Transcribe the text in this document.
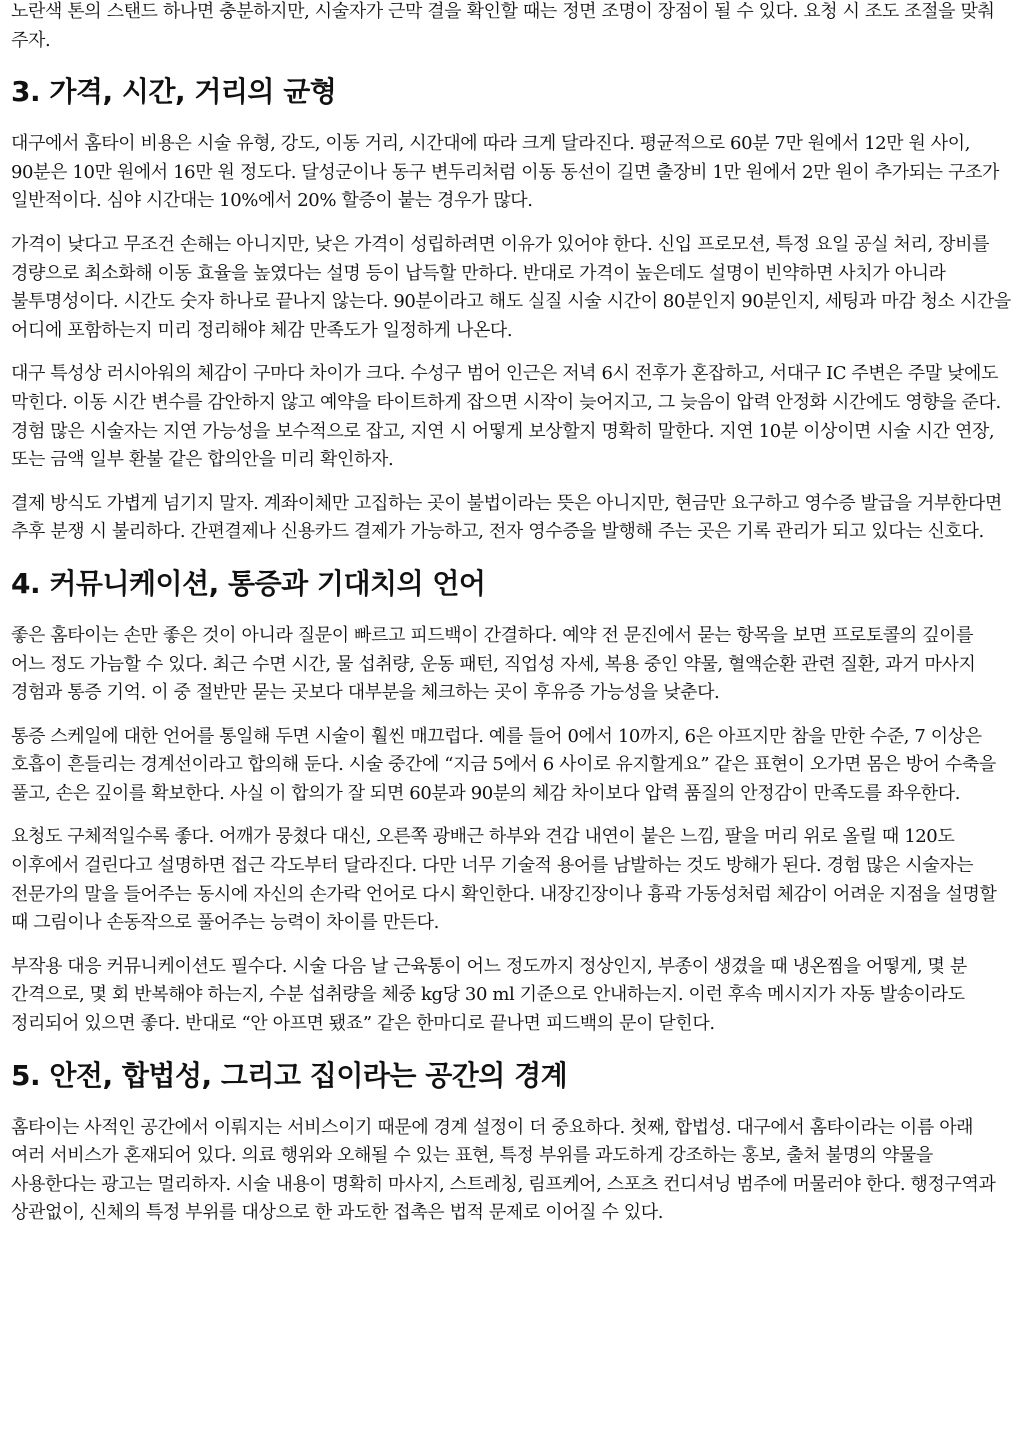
노란색 톤의 스탠드 하나면 충분하지만, 시술자가 근막 결을 확인할 때는 정면 조명이 장점이 될 수 있다. 요청 시 조도 조절을 맞춰 주자.

3. 가격, 시간, 거리의 균형

대구에서 홈타이 비용은 시술 유형, 강도, 이동 거리, 시간대에 따라 크게 달라진다. 평균적으로 60분 7만 원에서 12만 원 사이, 90분은 10만 원에서 16만 원 정도다. 달성군이나 동구 변두리처럼 이동 동선이 길면 출장비 1만 원에서 2만 원이 추가되는 구조가 일반적이다. 심야 시간대는 10%에서 20% 할증이 붙는 경우가 많다.

가격이 낮다고 무조건 손해는 아니지만, 낮은 가격이 성립하려면 이유가 있어야 한다. 신입 프로모션, 특정 요일 공실 처리, 장비를 경량으로 최소화해 이동 효율을 높였다는 설명 등이 납득할 만하다. 반대로 가격이 높은데도 설명이 빈약하면 사치가 아니라 불투명성이다. 시간도 숫자 하나로 끝나지 않는다. 90분이라고 해도 실질 시술 시간이 80분인지 90분인지, 세팅과 마감 청소 시간을 어디에 포함하는지 미리 정리해야 체감 만족도가 일정하게 나온다.

대구 특성상 러시아워의 체감이 구마다 차이가 크다. 수성구 범어 인근은 저녁 6시 전후가 혼잡하고, 서대구 IC 주변은 주말 낮에도 막힌다. 이동 시간 변수를 감안하지 않고 예약을 타이트하게 잡으면 시작이 늦어지고, 그 늦음이 압력 안정화 시간에도 영향을 준다. 경험 많은 시술자는 지연 가능성을 보수적으로 잡고, 지연 시 어떻게 보상할지 명확히 말한다. 지연 10분 이상이면 시술 시간 연장, 또는 금액 일부 환불 같은 합의안을 미리 확인하자.

결제 방식도 가볍게 넘기지 말자. 계좌이체만 고집하는 곳이 불법이라는 뜻은 아니지만, 현금만 요구하고 영수증 발급을 거부한다면 추후 분쟁 시 불리하다. 간편결제나 신용카드 결제가 가능하고, 전자 영수증을 발행해 주는 곳은 기록 관리가 되고 있다는 신호다.

4. 커뮤니케이션, 통증과 기대치의 언어

좋은 홈타이는 손만 좋은 것이 아니라 질문이 빠르고 피드백이 간결하다. 예약 전 문진에서 묻는 항목을 보면 프로토콜의 깊이를 어느 정도 가늠할 수 있다. 최근 수면 시간, 물 섭취량, 운동 패턴, 직업성 자세, 복용 중인 약물, 혈액순환 관련 질환, 과거 마사지 경험과 통증 기억. 이 중 절반만 묻는 곳보다 대부분을 체크하는 곳이 후유증 가능성을 낮춘다.

통증 스케일에 대한 언어를 통일해 두면 시술이 훨씬 매끄럽다. 예를 들어 0에서 10까지, 6은 아프지만 참을 만한 수준, 7 이상은 호흡이 흔들리는 경계선이라고 합의해 둔다. 시술 중간에 “지금 5에서 6 사이로 유지할게요” 같은 표현이 오가면 몸은 방어 수축을 풀고, 손은 깊이를 확보한다. 사실 이 합의가 잘 되면 60분과 90분의 체감 차이보다 압력 품질의 안정감이 만족도를 좌우한다.

요청도 구체적일수록 좋다. 어깨가 뭉쳤다 대신, 오른쪽 광배근 하부와 견갑 내연이 붙은 느낌, 팔을 머리 위로 올릴 때 120도 이후에서 걸린다고 설명하면 접근 각도부터 달라진다. 다만 너무 기술적 용어를 남발하는 것도 방해가 된다. 경험 많은 시술자는 전문가의 말을 들어주는 동시에 자신의 손가락 언어로 다시 확인한다. 내장긴장이나 흉곽 가동성처럼 체감이 어려운 지점을 설명할 때 그림이나 손동작으로 풀어주는 능력이 차이를 만든다.

부작용 대응 커뮤니케이션도 필수다. 시술 다음 날 근육통이 어느 정도까지 정상인지, 부종이 생겼을 때 냉온찜을 어떻게, 몇 분 간격으로, 몇 회 반복해야 하는지, 수분 섭취량을 체중 kg당 30 ml 기준으로 안내하는지. 이런 후속 메시지가 자동 발송이라도 정리되어 있으면 좋다. 반대로 “안 아프면 됐죠” 같은 한마디로 끝나면 피드백의 문이 닫힌다.

5. 안전, 합법성, 그리고 집이라는 공간의 경계

홈타이는 사적인 공간에서 이뤄지는 서비스이기 때문에 경계 설정이 더 중요하다. 첫째, 합법성. 대구에서 홈타이라는 이름 아래 여러 서비스가 혼재되어 있다. 의료 행위와 오해될 수 있는 표현, 특정 부위를 과도하게 강조하는 홍보, 출처 불명의 약물을 사용한다는 광고는 멀리하자. 시술 내용이 명확히 마사지, 스트레칭, 림프케어, 스포츠 컨디셔닝 범주에 머물러야 한다. 행정구역과 상관없이, 신체의 특정 부위를 대상으로 한 과도한 접촉은 법적 문제로 이어질 수 있다.
